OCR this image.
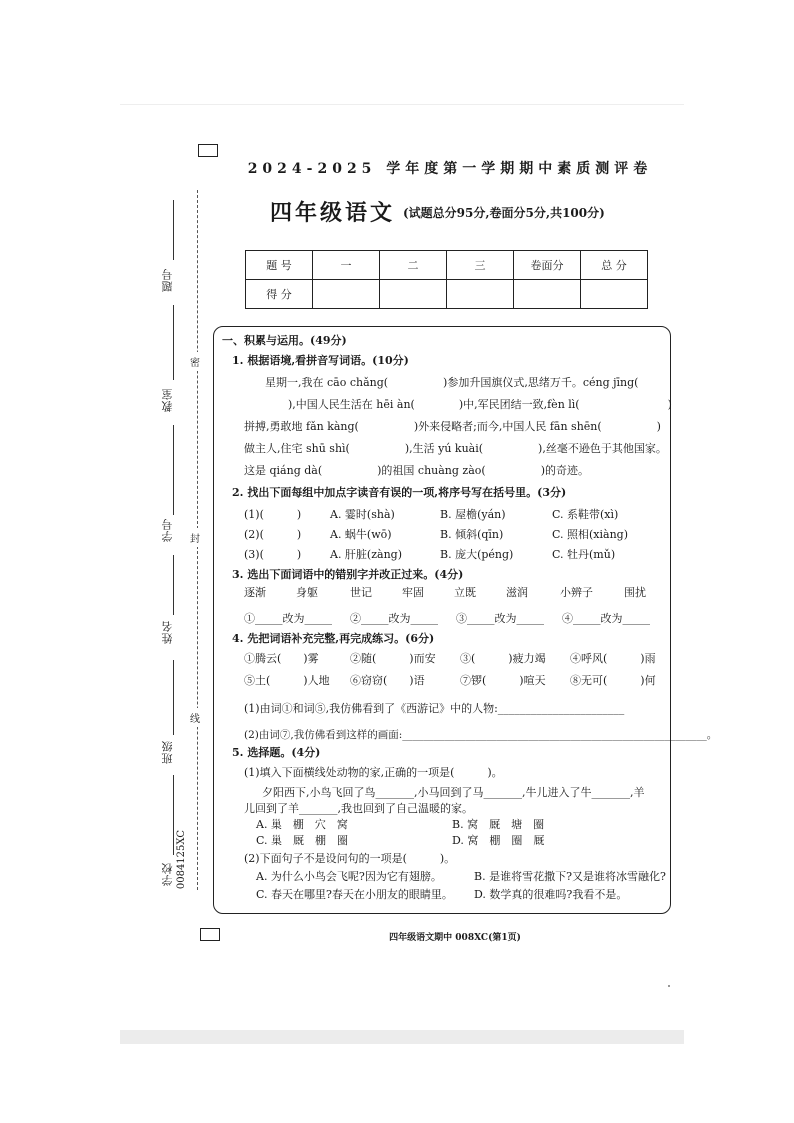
题号
教室
学号
姓名
班级
学校
密
封
线
0084125XC
2024-2025 学年度第一学期期中素质测评卷
四年级语文 (试题总分95分,卷面分5分,共100分)
题 号	一	二	三	卷面分	总 分
得 分					
一、积累与运用。(49分)
1. 根据语境,看拼音写词语。(10分)
星期一,我在 cāo chǎng(　　　　　)参加升国旗仪式,思绪万千。céng jīng(
　　　　),中国人民生活在 hēi àn(　　　　)中,军民团结一致,fèn lì(　　　　　　　　)
拼搏,勇敢地 fǎn kàng(　　　　　)外来侵略者;而今,中国人民 fān shēn(　　　　　)
做主人,住宅 shū shì(　　　　　),生活 yú kuài(　　　　　),丝毫不逊色于其他国家。
这是 qiáng dà(　　　　　)的祖国 chuàng zào(　　　　　)的奇迹。
2. 找出下面每组中加点字读音有误的一项,将序号写在括号里。(3分)
(1)(　　　)	A. 霎时(shà)	B. 屋檐(yán)	C. 系鞋带(xì)
(2)(　　　)	A. 蜗牛(wō)	B. 倾斜(qīn)	C. 照相(xiàng)
(3)(　　　)	A. 肝脏(zàng)	B. 庞大(péng)	C. 牡丹(mǔ)
3. 选出下面词语中的错别字并改正过来。(4分)
逐渐	身躯	世记	牢固	立既	滋润	小辨子	围扰
①_____改为_____ ②_____改为_____ ③_____改为_____ ④_____改为_____
4. 先把词语补充完整,再完成练习。(6分)
①腾云(　　)雾	②随(　　　)而安 ③(　　　)疲力竭 ④呼风(　　　)雨
⑤土(　　　)人地 ⑥窃窃(　　)语	⑦锣(　　　)喧天 ⑧无可(　　　)何
(1)由词①和词⑤,我仿佛看到了《西游记》中的人物:_______________________
(2)由词⑦,我仿佛看到这样的画面:__________________________________________________________。
5. 选择题。(4分)
(1)填入下面横线处动物的家,正确的一项是(　　　)。
夕阳西下,小鸟飞回了鸟_______,小马回到了马_______,牛儿进入了牛_______,羊
儿回到了羊_______,我也回到了自己温暖的家。
A. 巢　棚　穴　窝	B. 窝　厩　塘　圈
C. 巢　厩　棚　圈	D. 窝　棚　圈　厩
(2)下面句子不是设问句的一项是(　　　)。
A. 为什么小鸟会飞呢?因为它有翅膀。	B. 是谁将雪花撒下?又是谁将冰雪融化?
C. 春天在哪里?春天在小朋友的眼睛里。 D. 数学真的很难吗?我看不是。
四年级语文期中 008XC(第1页)
